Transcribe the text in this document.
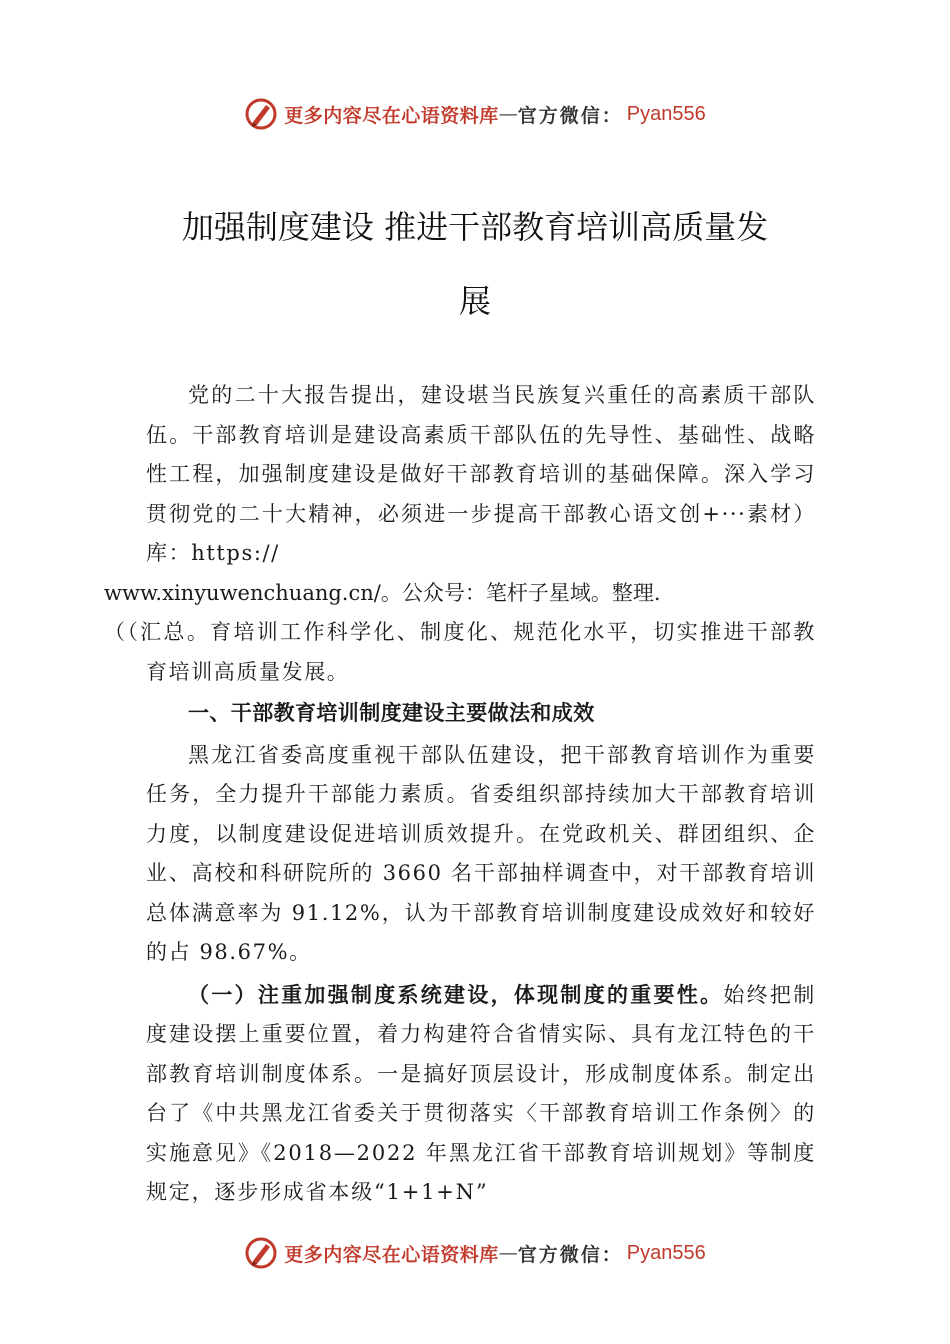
更多内容尽在心语资料库 — 官方微信： Pyan556
加强制度建设 推进干部教育培训高质量发
展

党的二十大报告提出，建设堪当民族复兴重任的高素质干部队伍。干部教育培训是建设高素质干部队伍的先导性、基础性、战略性工程，加强制度建设是做好干部教育培训的基础保障。深入学习贯彻党的二十大精神，必须进一步提高干部教心语文创+···素材）库：https://
www.xinyuwenchuang.cn/。公众号：笔杆子星域。整理.
（（汇总。育培训工作科学化、制度化、规范化水平，切实推进干部教育培训高质量发展。

一、干部教育培训制度建设主要做法和成效

黑龙江省委高度重视干部队伍建设，把干部教育培训作为重要任务，全力提升干部能力素质。省委组织部持续加大干部教育培训力度，以制度建设促进培训质效提升。在党政机关、群团组织、企业、高校和科研院所的 3660 名干部抽样调查中，对干部教育培训总体满意率为 91.12%，认为干部教育培训制度建设成效好和较好的占 98.67%。

（一）注重加强制度系统建设，体现制度的重要性。始终把制度建设摆上重要位置，着力构建符合省情实际、具有龙江特色的干部教育培训制度体系。一是搞好顶层设计，形成制度体系。制定出台了《中共黑龙江省委关于贯彻落实〈干部教育培训工作条例〉的实施意见》《2018—2022 年黑龙江省干部教育培训规划》等制度规定，逐步形成省本级“1+1+N”

更多内容尽在心语资料库 — 官方微信： Pyan556
